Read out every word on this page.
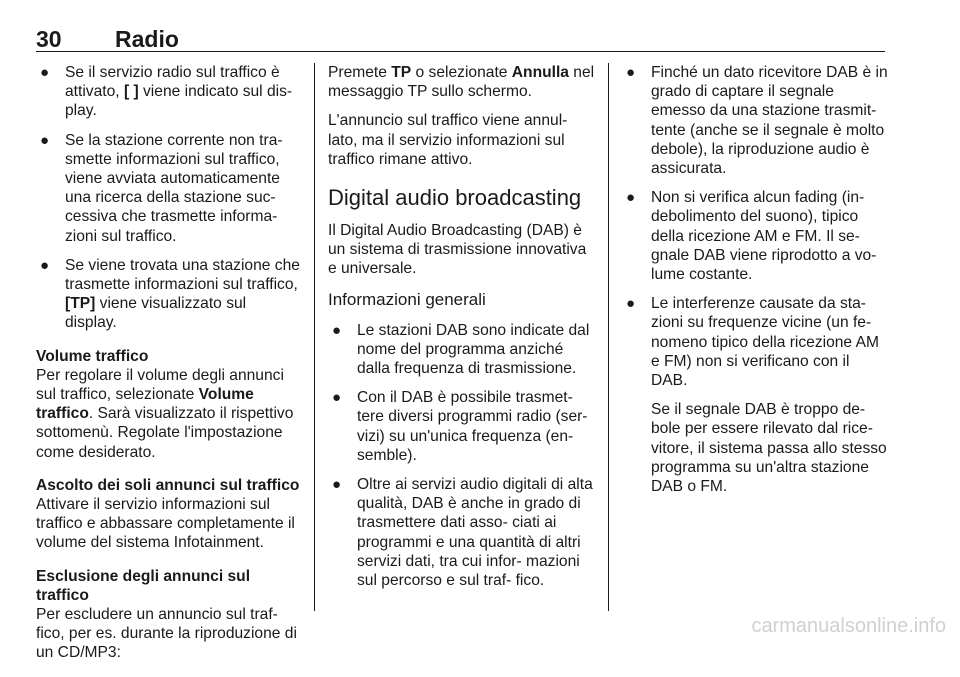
30 Radio
● Se il servizio radio sul traffico è attivato, [ ] viene indicato sul dis‐ play.
● Se la stazione corrente non tra‐ smette informazioni sul traffico, viene avviata automaticamente una ricerca della stazione suc‐ cessiva che trasmette informa‐ zioni sul traffico.
● Se viene trovata una stazione che trasmette informazioni sul traffico, [TP] viene visualizzato sul display.

Volume traffico

Per regolare il volume degli annunci sul traffico, selezionate Volume traffico. Sarà visualizzato il rispettivo sottomenù. Regolate l'impostazione come desiderato.

Ascolto dei soli annunci sul traffico

Attivare il servizio informazioni sul traffico e abbassare completamente il volume del sistema Infotainment.

Esclusione degli annunci sul traffico

Per escludere un annuncio sul traf‐ fico, per es. durante la riproduzione di un CD/MP3:

Premete TP o selezionate Annulla nel messaggio TP sullo schermo.

L'annuncio sul traffico viene annul‐ lato, ma il servizio informazioni sul traffico rimane attivo.

Digital audio broadcasting

Il Digital Audio Broadcasting (DAB) è un sistema di trasmissione innovativa e universale.

Informazioni generali

● Le stazioni DAB sono indicate dal nome del programma anziché dalla frequenza di trasmissione.
● Con il DAB è possibile trasmet‐ tere diversi programmi radio (ser‐ vizi) su un'unica frequenza (en‐ semble).
● Oltre ai servizi audio digitali di alta qualità, DAB è anche in grado di trasmettere dati asso‐ ciati ai programmi e una quantità di altri servizi dati, tra cui infor‐ mazioni sul percorso e sul traf‐ fico.
● Finché un dato ricevitore DAB è in grado di captare il segnale emesso da una stazione trasmit‐ tente (anche se il segnale è molto debole), la riproduzione audio è assicurata.
● Non si verifica alcun fading (in‐ debolimento del suono), tipico della ricezione AM e FM. Il se‐ gnale DAB viene riprodotto a vo‐ lume costante.
● Le interferenze causate da sta‐ zioni su frequenze vicine (un fe‐ nomeno tipico della ricezione AM e FM) non si verificano con il DAB.

Se il segnale DAB è troppo de‐ bole per essere rilevato dal rice‐ vitore, il sistema passa allo stesso programma su un'altra stazione DAB o FM.

carmanualsonline.info
